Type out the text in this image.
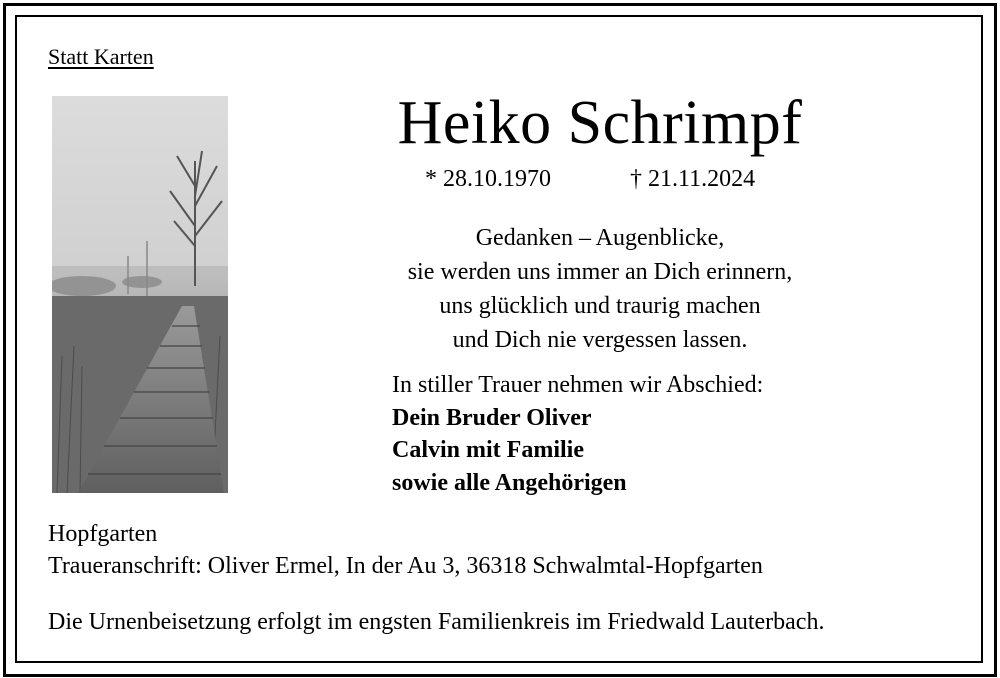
Statt Karten
Heiko Schrimpf
* 28.10.1970	† 21.11.2024
Gedanken – Augenblicke,
sie werden uns immer an Dich erinnern,
uns glücklich und traurig machen
und Dich nie vergessen lassen.
In stiller Trauer nehmen wir Abschied:
Dein Bruder Oliver
Calvin mit Familie
sowie alle Angehörigen
Hopfgarten
Traueranschrift: Oliver Ermel, In der Au 3, 36318 Schwalmtal-Hopfgarten
Die Urnenbeisetzung erfolgt im engsten Familienkreis im Friedwald Lauterbach.
